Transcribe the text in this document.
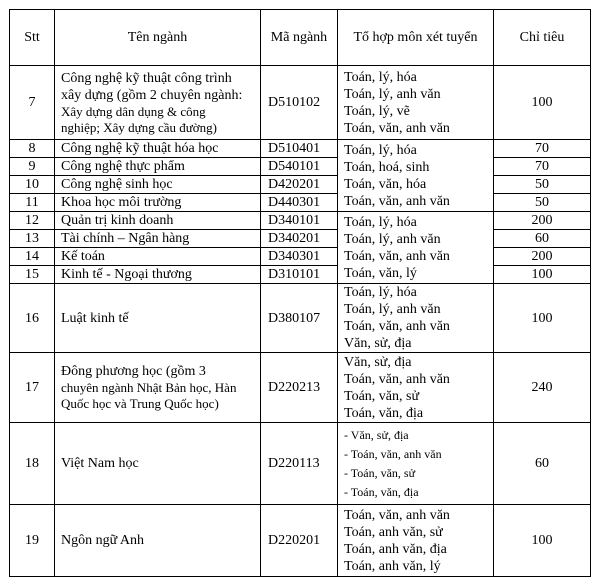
Stt	Tên ngành	Mã ngành	Tổ hợp môn xét tuyển	Chỉ tiêu
7	Công nghệ kỹ thuật công trình
xây dựng (gồm 2 chuyên ngành:
Xây dựng dân dụng & công
nghiệp; Xây dựng cầu đường)	D510102	Toán, lý, hóa
Toán, lý, anh văn
Toán, lý, vẽ
Toán, văn, anh văn	100
8	Công nghệ kỹ thuật hóa học	D510401	Toán, lý, hóa
Toán, hoá, sinh
Toán, văn, hóa
Toán, văn, anh văn	70
9	Công nghệ thực phẩm	D540101		70
10	Công nghệ sinh học	D420201		50
11	Khoa học môi trường	D440301		50
12	Quản trị kinh doanh	D340101	Toán, lý, hóa
Toán, lý, anh văn
Toán, văn, anh văn
Toán, văn, lý	200
13	Tài chính – Ngân hàng	D340201		60
14	Kế toán	D340301		200
15	Kinh tế - Ngoại thương	D310101		100
16	Luật kinh tế	D380107	Toán, lý, hóa
Toán, lý, anh văn
Toán, văn, anh văn
Văn, sử, địa	100
17	Đông phương học (gồm 3
chuyên ngành Nhật Bản học, Hàn
Quốc học và Trung Quốc học)	D220213	Văn, sử, địa
Toán, văn, anh văn
Toán, văn, sử
Toán, văn, địa	240
18	Việt Nam học	D220113	- Văn, sử, địa
- Toán, văn, anh văn
- Toán, văn, sử
- Toán, văn, địa	60
19	Ngôn ngữ Anh	D220201	Toán, văn, anh văn
Toán, anh văn, sử
Toán, anh văn, địa
Toán, anh văn, lý	100
